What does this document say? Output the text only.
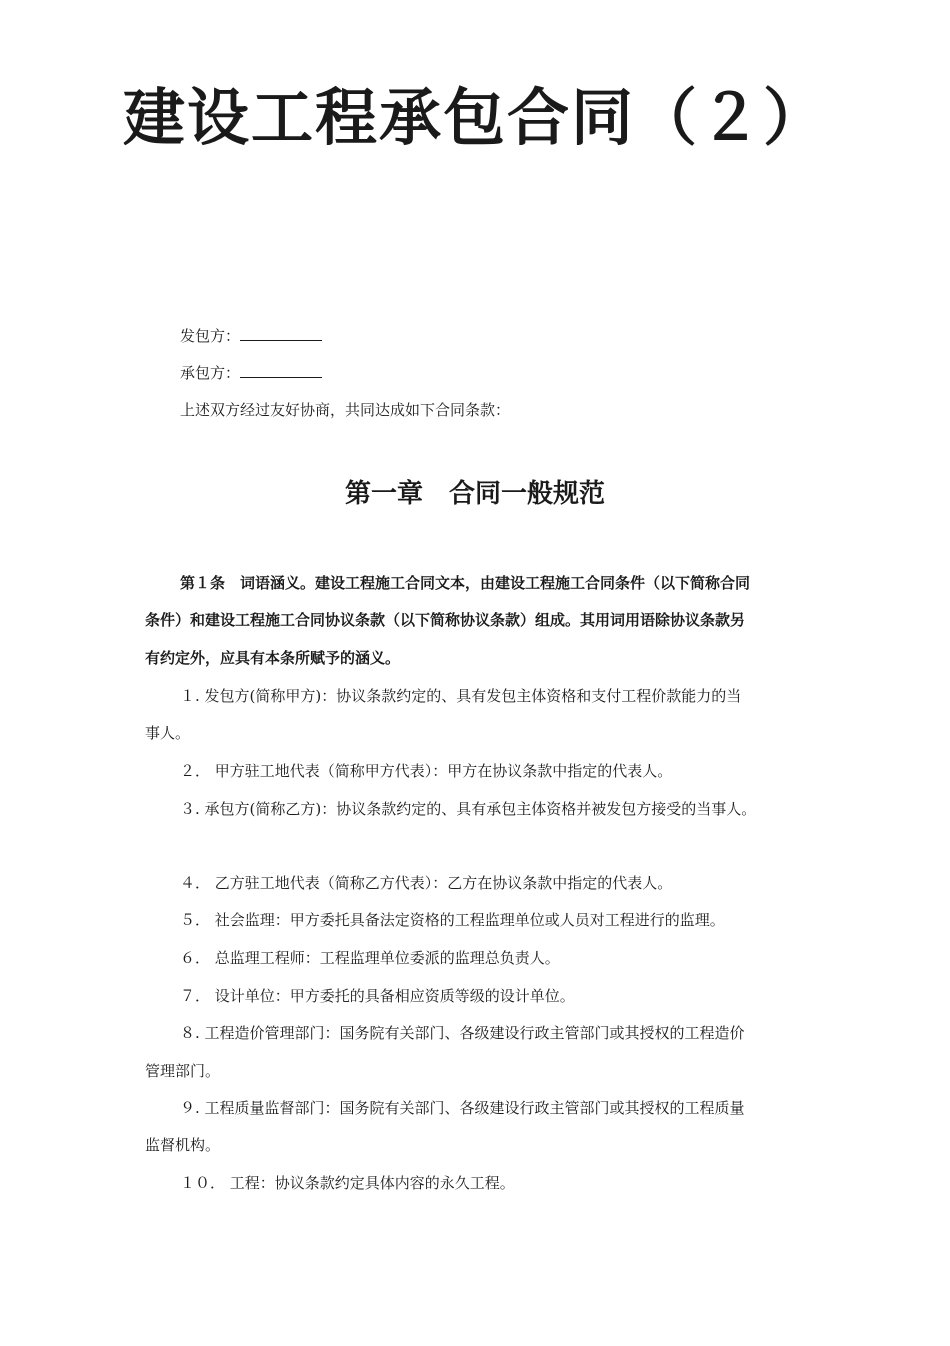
建设工程承包合同（２）

发包方：

承包方：

上述双方经过友好协商，共同达成如下合同条款：

第一章　合同一般规范

第１条　词语涵义。建设工程施工合同文本，由建设工程施工合同条件（以下简称合同

条件）和建设工程施工合同协议条款（以下简称协议条款）组成。其用词用语除协议条款另

有约定外，应具有本条所赋予的涵义。

１. 发包方(简称甲方)：协议条款约定的、具有发包主体资格和支付工程价款能力的当

事人。

２． 甲方驻工地代表（简称甲方代表）：甲方在协议条款中指定的代表人。

３. 承包方(简称乙方)：协议条款约定的、具有承包主体资格并被发包方接受的当事人。

４． 乙方驻工地代表（简称乙方代表）：乙方在协议条款中指定的代表人。

５． 社会监理：甲方委托具备法定资格的工程监理单位或人员对工程进行的监理。

６． 总监理工程师：工程监理单位委派的监理总负责人。

７． 设计单位：甲方委托的具备相应资质等级的设计单位。

８. 工程造价管理部门：国务院有关部门、各级建设行政主管部门或其授权的工程造价

管理部门。

９. 工程质量监督部门：国务院有关部门、各级建设行政主管部门或其授权的工程质量

监督机构。

１０． 工程：协议条款约定具体内容的永久工程。
